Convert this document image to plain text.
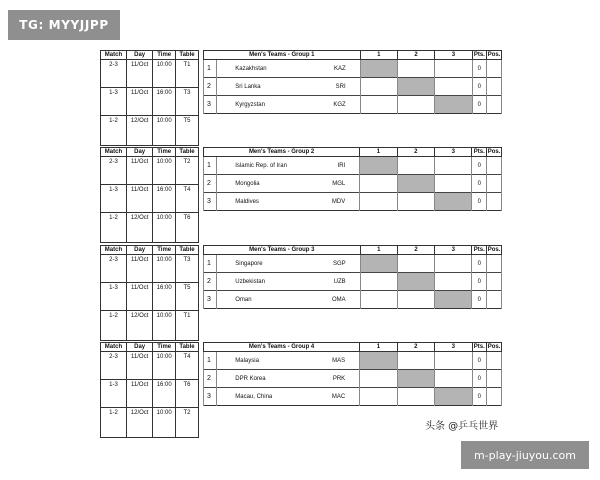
TG: MYYJJPP
Match	Day	Time	Table
2-3	11/Oct	10:00	T1
1-3	11/Oct	16:00	T3
1-2	12/Oct	10:00	T5
Men's Teams - Group 1			1	2	3	Pts.	Pos.
1	Kazakhstan	KAZ				0	
2	Sri Lanka	SRI				0	
3	Kyrgyzstan	KGZ				0	
Match	Day	Time	Table
2-3	11/Oct	10:00	T2
1-3	11/Oct	16:00	T4
1-2	12/Oct	10:00	T6
Men's Teams - Group 2			1	2	3	Pts.	Pos.
1	Islamic Rep. of Iran	IRI				0	
2	Mongolia	MGL				0	
3	Maldives	MDV				0	
Match	Day	Time	Table
2-3	11/Oct	10:00	T3
1-3	11/Oct	16:00	T5
1-2	12/Oct	10:00	T1
Men's Teams - Group 3			1	2	3	Pts.	Pos.
1	Singapore	SGP				0	
2	Uzbekistan	UZB				0	
3	Oman	OMA				0	
Match	Day	Time	Table
2-3	11/Oct	10:00	T4
1-3	11/Oct	16:00	T6
1-2	12/Oct	10:00	T2
Men's Teams - Group 4			1	2	3	Pts.	Pos.
1	Malaysia	MAS				0	
2	DPR Korea	PRK				0	
3	Macau, China	MAC				0	
头条 @乒乓世界
m-play-jiuyou.com
